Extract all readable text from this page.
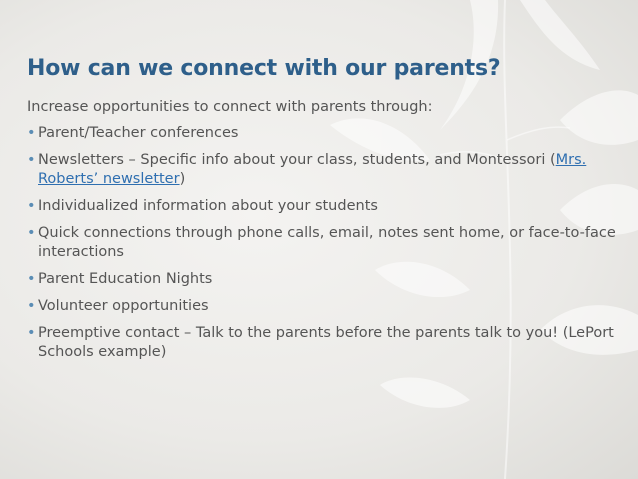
How can we connect with our parents?
Increase opportunities to connect with parents through:
• Parent/Teacher conferences
• Newsletters – Specific info about your class, students, and Montessori (Mrs. Roberts’ newsletter)
• Individualized information about your students
• Quick connections through phone calls, email, notes sent home, or face-to-face interactions
• Parent Education Nights
• Volunteer opportunities
• Preemptive contact – Talk to the parents before the parents talk to you! (LePort Schools example)
